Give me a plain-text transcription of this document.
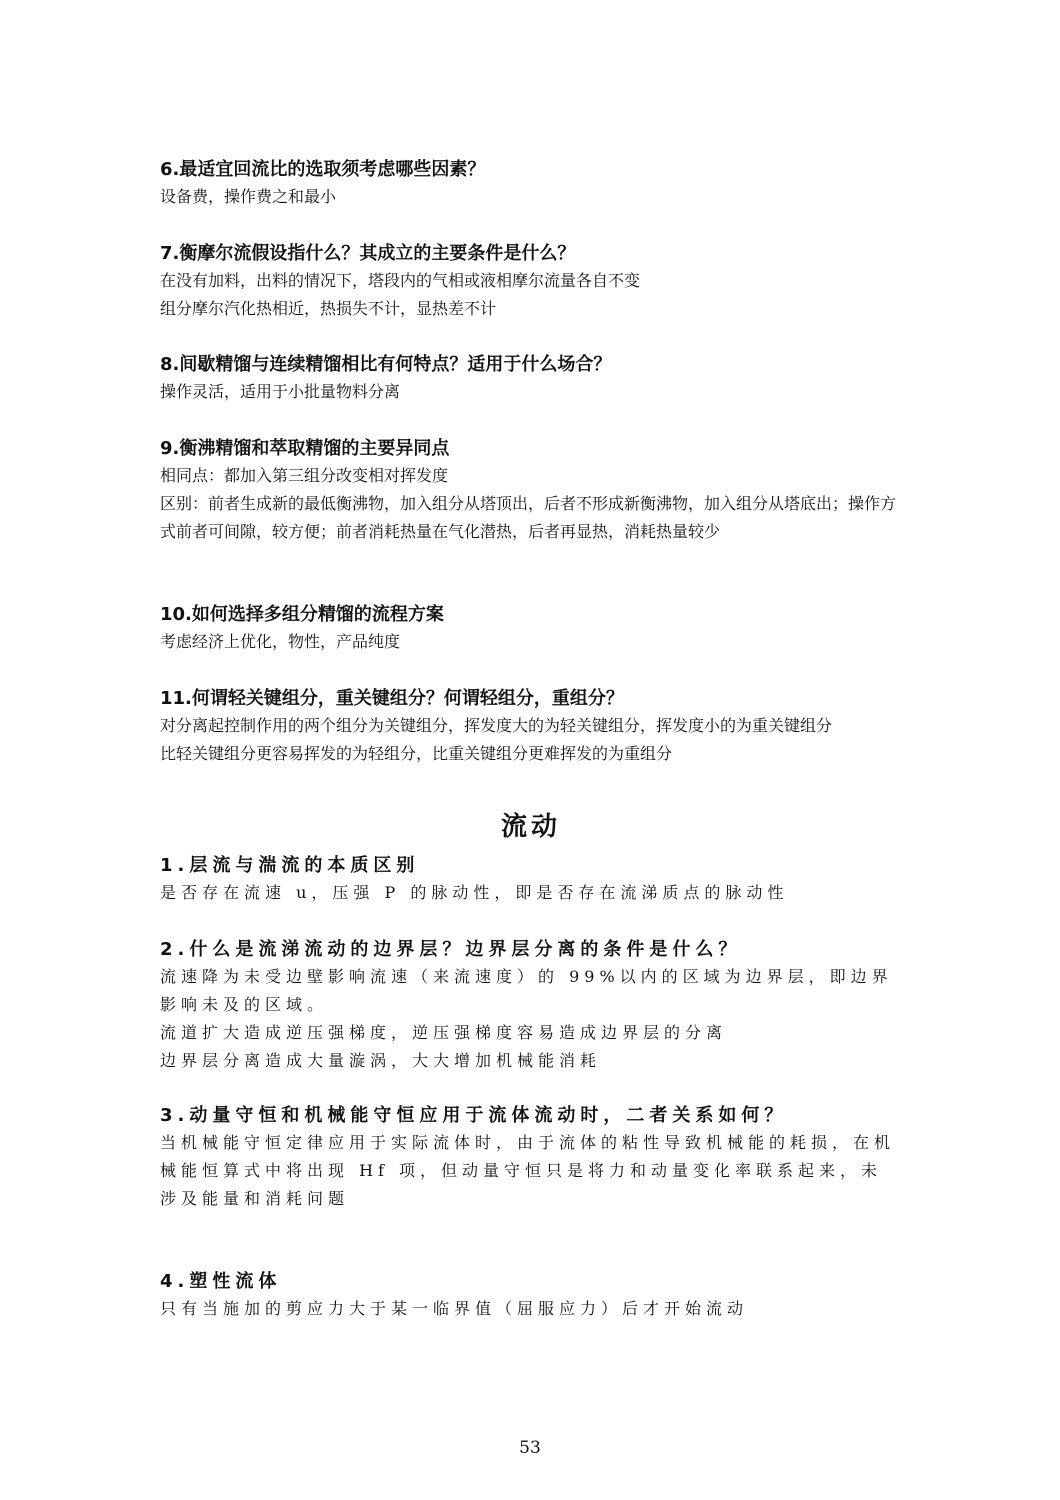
6.最适宜回流比的选取须考虑哪些因素？

设备费，操作费之和最小

7.衡摩尔流假设指什么？其成立的主要条件是什么？

在没有加料，出料的情况下，塔段内的气相或液相摩尔流量各自不变

组分摩尔汽化热相近，热损失不计，显热差不计

8.间歇精馏与连续精馏相比有何特点？适用于什么场合？

操作灵活，适用于小批量物料分离

9.衡沸精馏和萃取精馏的主要异同点

相同点：都加入第三组分改变相对挥发度

区别：前者生成新的最低衡沸物，加入组分从塔顶出，后者不形成新衡沸物，加入组分从塔底出；操作方式前者可间隙，较方便；前者消耗热量在气化潜热，后者再显热，消耗热量较少

10.如何选择多组分精馏的流程方案

考虑经济上优化，物性，产品纯度

11.何谓轻关键组分，重关键组分？何谓轻组分，重组分？

对分离起控制作用的两个组分为关键组分，挥发度大的为轻关键组分，挥发度小的为重关键组分

比轻关键组分更容易挥发的为轻组分，比重关键组分更难挥发的为重组分

流动

1.层流与湍流的本质区别

是否存在流速 u，压强 P 的脉动性，即是否存在流涕质点的脉动性

2.什么是流涕流动的边界层？边界层分离的条件是什么？

流速降为未受边壁影响流速（来流速度）的 99%以内的区域为边界层，即边界影响未及的区域。

流道扩大造成逆压强梯度，逆压强梯度容易造成边界层的分离

边界层分离造成大量漩涡，大大增加机械能消耗

3.动量守恒和机械能守恒应用于流体流动时，二者关系如何？

当机械能守恒定律应用于实际流体时，由于流体的粘性导致机械能的耗损，在机械能恒算式中将出现 Hf 项，但动量守恒只是将力和动量变化率联系起来，未涉及能量和消耗问题

4.塑性流体

只有当施加的剪应力大于某一临界值（屈服应力）后才开始流动

53
